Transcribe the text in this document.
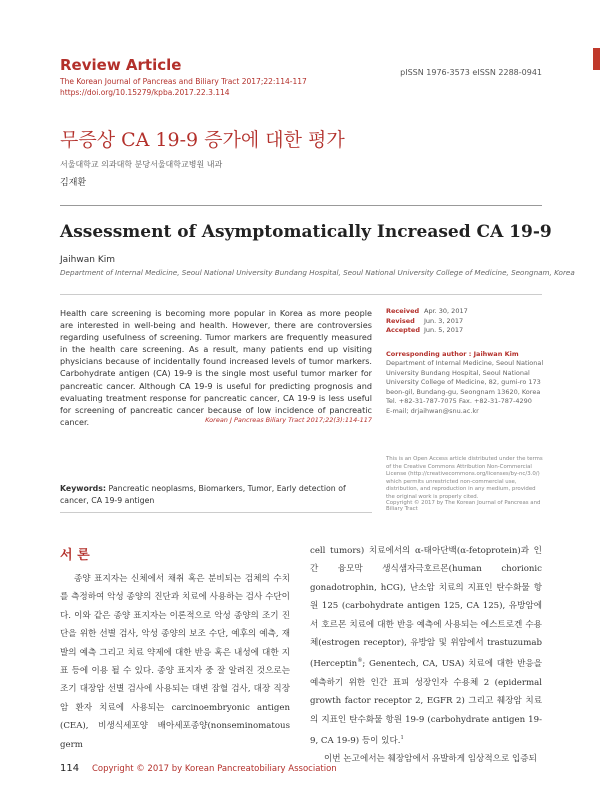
Review Article	pISSN 1976-3573 eISSN 2288-0941
The Korean Journal of Pancreas and Biliary Tract 2017;22:114-117
https://doi.org/10.15279/kpba.2017.22.3.114
무증상 CA 19-9 증가에 대한 평가
서울대학교 의과대학 분당서울대학교병원 내과
김재환
Assessment of Asymptomatically Increased CA 19-9
Jaihwan Kim
Department of Internal Medicine, Seoul National University Bundang Hospital, Seoul National University College of Medicine, Seongnam, Korea
Health care screening is becoming more popular in Korea as more people are interested in well-being and health. However, there are controversies regarding usefulness of screening. Tumor markers are frequently measured in the health care screening. As a result, many patients end up visiting physicians because of incidentally found increased levels of tumor markers. Carbohydrate antigen (CA) 19-9 is the single most useful tumor marker for pancreatic cancer. Although CA 19-9 is useful for predicting prognosis and evaluating treatment response for pancreatic cancer, CA 19-9 is less useful for screening of pancreatic cancer because of low incidence of pancreatic cancer.	Korean J Pancreas Biliary Tract 2017;22(3):114-117
Keywords: Pancreatic neoplasms, Biomarkers, Tumor, Early detection of cancer, CA 19-9 antigen
Received Apr. 30, 2017
Revised Jun. 3, 2017
Accepted Jun. 5, 2017
Corresponding author : Jaihwan Kim
Department of Internal Medicine, Seoul National University Bundang Hospital, Seoul National University College of Medicine, 82, gumi-ro 173 beon-gil, Bundang-gu, Seongnam 13620, Korea
Tel. +82-31-787-7075 Fax. +82-31-787-4290
E-mail; drjaihwan@snu.ac.kr
This is an Open Access article distributed under the terms of the Creative Commons Attribution Non-Commercial License (http://creativecommons.org/licenses/by-nc/3.0/) which permits unrestricted non-commercial use, distribution, and reproduction in any medium, provided the original work is properly cited.
Copyright © 2017 by The Korean Journal of Pancreas and Biliary Tract
서 론
종양 표지자는 신체에서 채취 혹은 분비되는 검체의 수치를 측정하여 악성 종양의 진단과 치료에 사용하는 검사 수단이다. 이와 같은 종양 표지자는 이론적으로 악성 종양의 조기 진단을 위한 선별 검사, 악성 종양의 보조 수단, 예후의 예측, 재발의 예측 그리고 치료 약제에 대한 반응 혹은 내성에 대한 지표 등에 이용 될 수 있다. 종양 표지자 중 잘 알려진 것으로는 조기 대장암 선별 검사에 사용되는 대변 잠혈 검사, 대장 직장암 환자 치료에 사용되는 carcinoembryonic antigen (CEA), 비생식세포양 배아세포종양(nonseminomatous germ
cell tumors) 치료에서의 α-태아단백(α-fetoprotein)과 인간 융모막 생식샘자극호르몬(human chorionic gonadotrophin, hCG), 난소암 치료의 지표인 탄수화물 항원 125 (carbohydrate antigen 125, CA 125), 유방암에서 호르몬 치료에 대한 반응 예측에 사용되는 에스트로겐 수용체(estrogen receptor), 유방암 및 위암에서 trastuzumab (Herceptin®; Genentech, CA, USA) 치료에 대한 반응을 예측하기 위한 인간 표피 성장인자 수용체 2 (epidermal growth factor receptor 2, EGFR 2) 그리고 췌장암 치료의 지표인 탄수화물 항원 19-9 (carbohydrate antigen 19-9, CA 19-9) 등이 있다.$^1$
이번 논고에서는 췌장암에서 유발하게 임상적으로 입증되
114 Copyright © 2017 by Korean Pancreatobiliary Association
